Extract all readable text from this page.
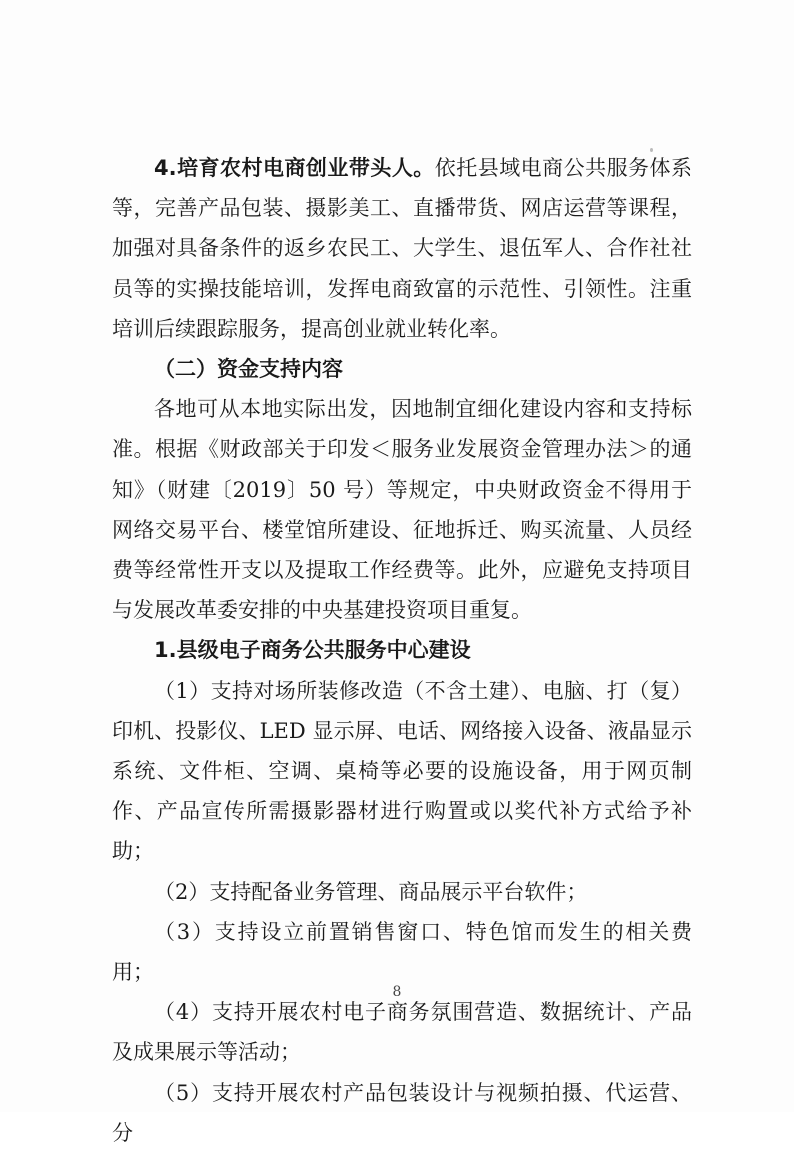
4.培育农村电商创业带头人。依托县域电商公共服务体系等，完善产品包装、摄影美工、直播带货、网店运营等课程，加强对具备条件的返乡农民工、大学生、退伍军人、合作社社员等的实操技能培训，发挥电商致富的示范性、引领性。注重培训后续跟踪服务，提高创业就业转化率。

（二）资金支持内容

各地可从本地实际出发，因地制宜细化建设内容和支持标准。根据《财政部关于印发＜服务业发展资金管理办法＞的通知》（财建〔2019〕50 号）等规定，中央财政资金不得用于网络交易平台、楼堂馆所建设、征地拆迁、购买流量、人员经费等经常性开支以及提取工作经费等。此外，应避免支持项目与发展改革委安排的中央基建投资项目重复。

1.县级电子商务公共服务中心建设

（1）支持对场所装修改造（不含土建）、电脑、打（复）印机、投影仪、LED 显示屏、电话、网络接入设备、液晶显示系统、文件柜、空调、桌椅等必要的设施设备，用于网页制作、产品宣传所需摄影器材进行购置或以奖代补方式给予补助；

（2）支持配备业务管理、商品展示平台软件；

（3）支持设立前置销售窗口、特色馆而发生的相关费用；

（4）支持开展农村电子商务氛围营造、数据统计、产品及成果展示等活动；

（5）支持开展农村产品包装设计与视频拍摄、代运营、分

8
